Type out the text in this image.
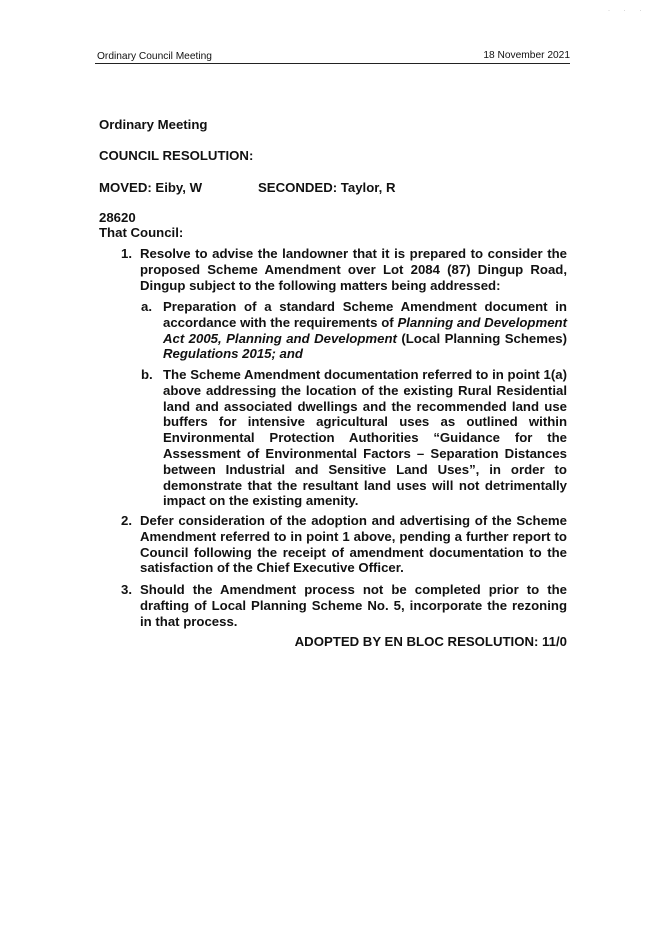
· · ·
Ordinary Council Meeting	18 November 2021
Ordinary Meeting
COUNCIL RESOLUTION:
MOVED: Eiby, W	SECONDED: Taylor, R
28620
That Council:
1. Resolve to advise the landowner that it is prepared to consider the proposed Scheme Amendment over Lot 2084 (87) Dingup Road, Dingup subject to the following matters being addressed:
a. Preparation of a standard Scheme Amendment document in accordance with the requirements of Planning and Development Act 2005, Planning and Development (Local Planning Schemes) Regulations 2015; and
b. The Scheme Amendment documentation referred to in point 1(a) above addressing the location of the existing Rural Residential land and associated dwellings and the recommended land use buffers for intensive agricultural uses as outlined within Environmental Protection Authorities “Guidance for the Assessment of Environmental Factors – Separation Distances between Industrial and Sensitive Land Uses”, in order to demonstrate that the resultant land uses will not detrimentally impact on the existing amenity.
2. Defer consideration of the adoption and advertising of the Scheme Amendment referred to in point 1 above, pending a further report to Council following the receipt of amendment documentation to the satisfaction of the Chief Executive Officer.
3. Should the Amendment process not be completed prior to the drafting of Local Planning Scheme No. 5, incorporate the rezoning in that process.
ADOPTED BY EN BLOC RESOLUTION: 11/0
